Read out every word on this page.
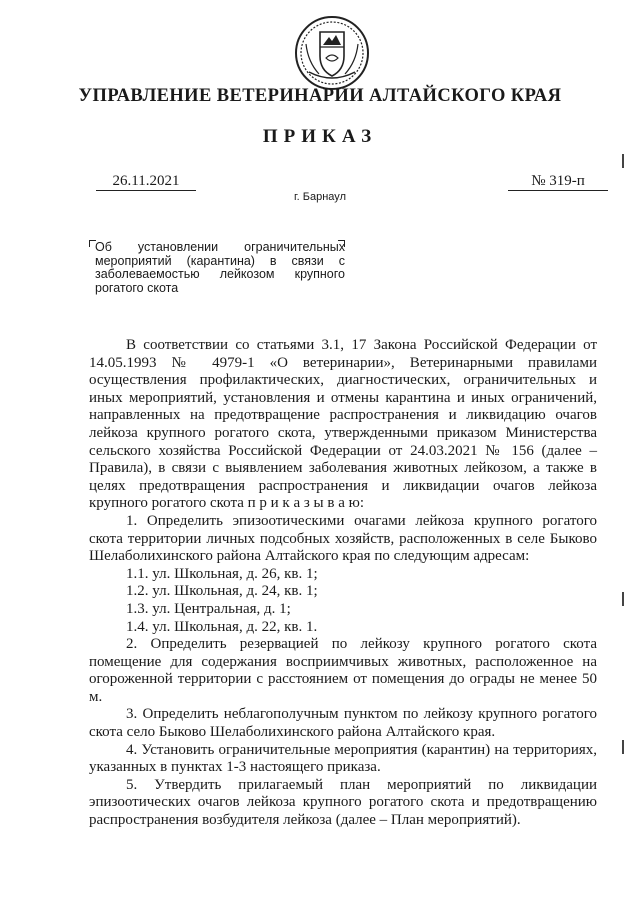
УПРАВЛЕНИЕ ВЕТЕРИНАРИИ АЛТАЙСКОГО КРАЯ
ПРИКАЗ
26.11.2021	№ 319-п
г. Барнаул
Об установлении ограничительных мероприятий (карантина) в связи с заболеваемостью лейкозом крупного рогатого скота

В соответствии со статьями 3.1, 17 Закона Российской Федерации от 14.05.1993 № 4979-1 «О ветеринарии», Ветеринарными правилами осуществления профилактических, диагностических, ограничительных и иных мероприятий, установления и отмены карантина и иных ограничений, направленных на предотвращение распространения и ликвидацию очагов лейкоза крупного рогатого скота, утвержденными приказом Министерства сельского хозяйства Российской Федерации от 24.03.2021 № 156 (далее – Правила), в связи с выявлением заболевания животных лейкозом, а также в целях предотвращения распространения и ликвидации очагов лейкоза крупного рогатого скота п р и к а з ы в а ю:

1. Определить эпизоотическими очагами лейкоза крупного рогатого скота территории личных подсобных хозяйств, расположенных в селе Быково Шелаболихинского района Алтайского края по следующим адресам:

1.1. ул. Школьная, д. 26, кв. 1;

1.2. ул. Школьная, д. 24, кв. 1;

1.3. ул. Центральная, д. 1;

1.4. ул. Школьная, д. 22, кв. 1.

2. Определить резервацией по лейкозу крупного рогатого скота помещение для содержания восприимчивых животных, расположенное на огороженной территории с расстоянием от помещения до ограды не менее 50 м.

3. Определить неблагополучным пунктом по лейкозу крупного рогатого скота село Быково Шелаболихинского района Алтайского края.

4. Установить ограничительные мероприятия (карантин) на территориях, указанных в пунктах 1-3 настоящего приказа.

5. Утвердить прилагаемый план мероприятий по ликвидации эпизоотических очагов лейкоза крупного рогатого скота и предотвращению распространения возбудителя лейкоза (далее – План мероприятий).
